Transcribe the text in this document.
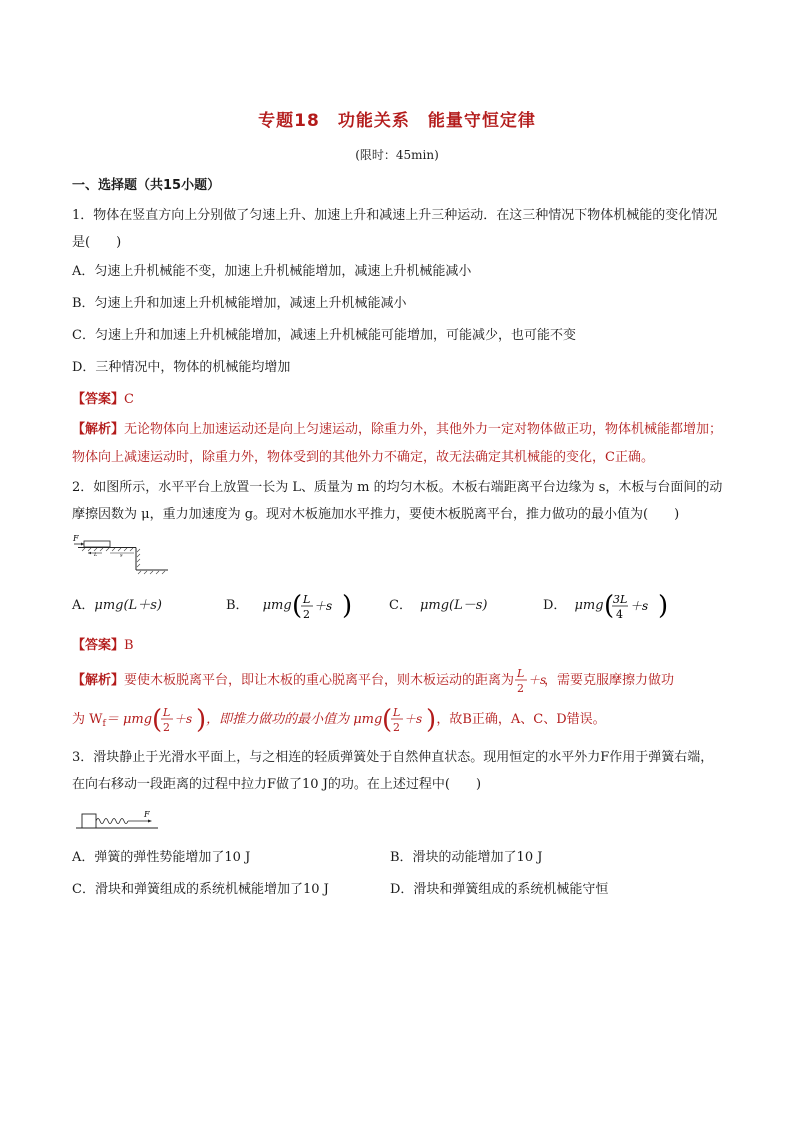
专题18　功能关系　能量守恒定律
(限时：45min)
一、选择题（共15小题）

1．物体在竖直方向上分别做了匀速上升、加速上升和减速上升三种运动．在这三种情况下物体机械能的变化情况是(　　)

A．匀速上升机械能不变，加速上升机械能增加，减速上升机械能减小

B．匀速上升和加速上升机械能增加，减速上升机械能减小

C．匀速上升和加速上升机械能增加，减速上升机械能可能增加，可能减少，也可能不变

D．三种情况中，物体的机械能均增加

【答案】C

【解析】无论物体向上加速运动还是向上匀速运动，除重力外，其他外力一定对物体做正功，物体机械能都增加；物体向上减速运动时，除重力外，物体受到的其他外力不确定，故无法确定其机械能的变化，C正确。

2．如图所示，水平平台上放置一长为 L、质量为 m 的均匀木板。木板右端距离平台边缘为 s，木板与台面间的动摩擦因数为 μ，重力加速度为 g。现对木板施加水平推力，要使木板脱离平台，推力做功的最小值为(　　)

F
L	s
A． μmg(L＋s)	B． μmg ( L
2
＋s )	C． μmg(L－s)	D． μmg (
3L
4
＋s )

【答案】B

【解析】 要使木板脱离平台，即让木板的重心脱离平台，则木板运动的距离为 L
2
＋s
，需要克服摩擦力做功
为 W f ＝ μmg ( L
2
＋s ) ，即推力做功的最小值为 μmg ( L
2
＋s ) ，故B正确，A、C、D错误。

3．滑块静止于光滑水平面上，与之相连的轻质弹簧处于自然伸直状态。现用恒定的水平外力F作用于弹簧右端，在向右移动一段距离的过程中拉力F做了10 J的功。在上述过程中(　　)

F
A．弹簧的弹性势能增加了10 J	B．滑块的动能增加了10 J
C．滑块和弹簧组成的系统机械能增加了10 J	D．滑块和弹簧组成的系统机械能守恒
